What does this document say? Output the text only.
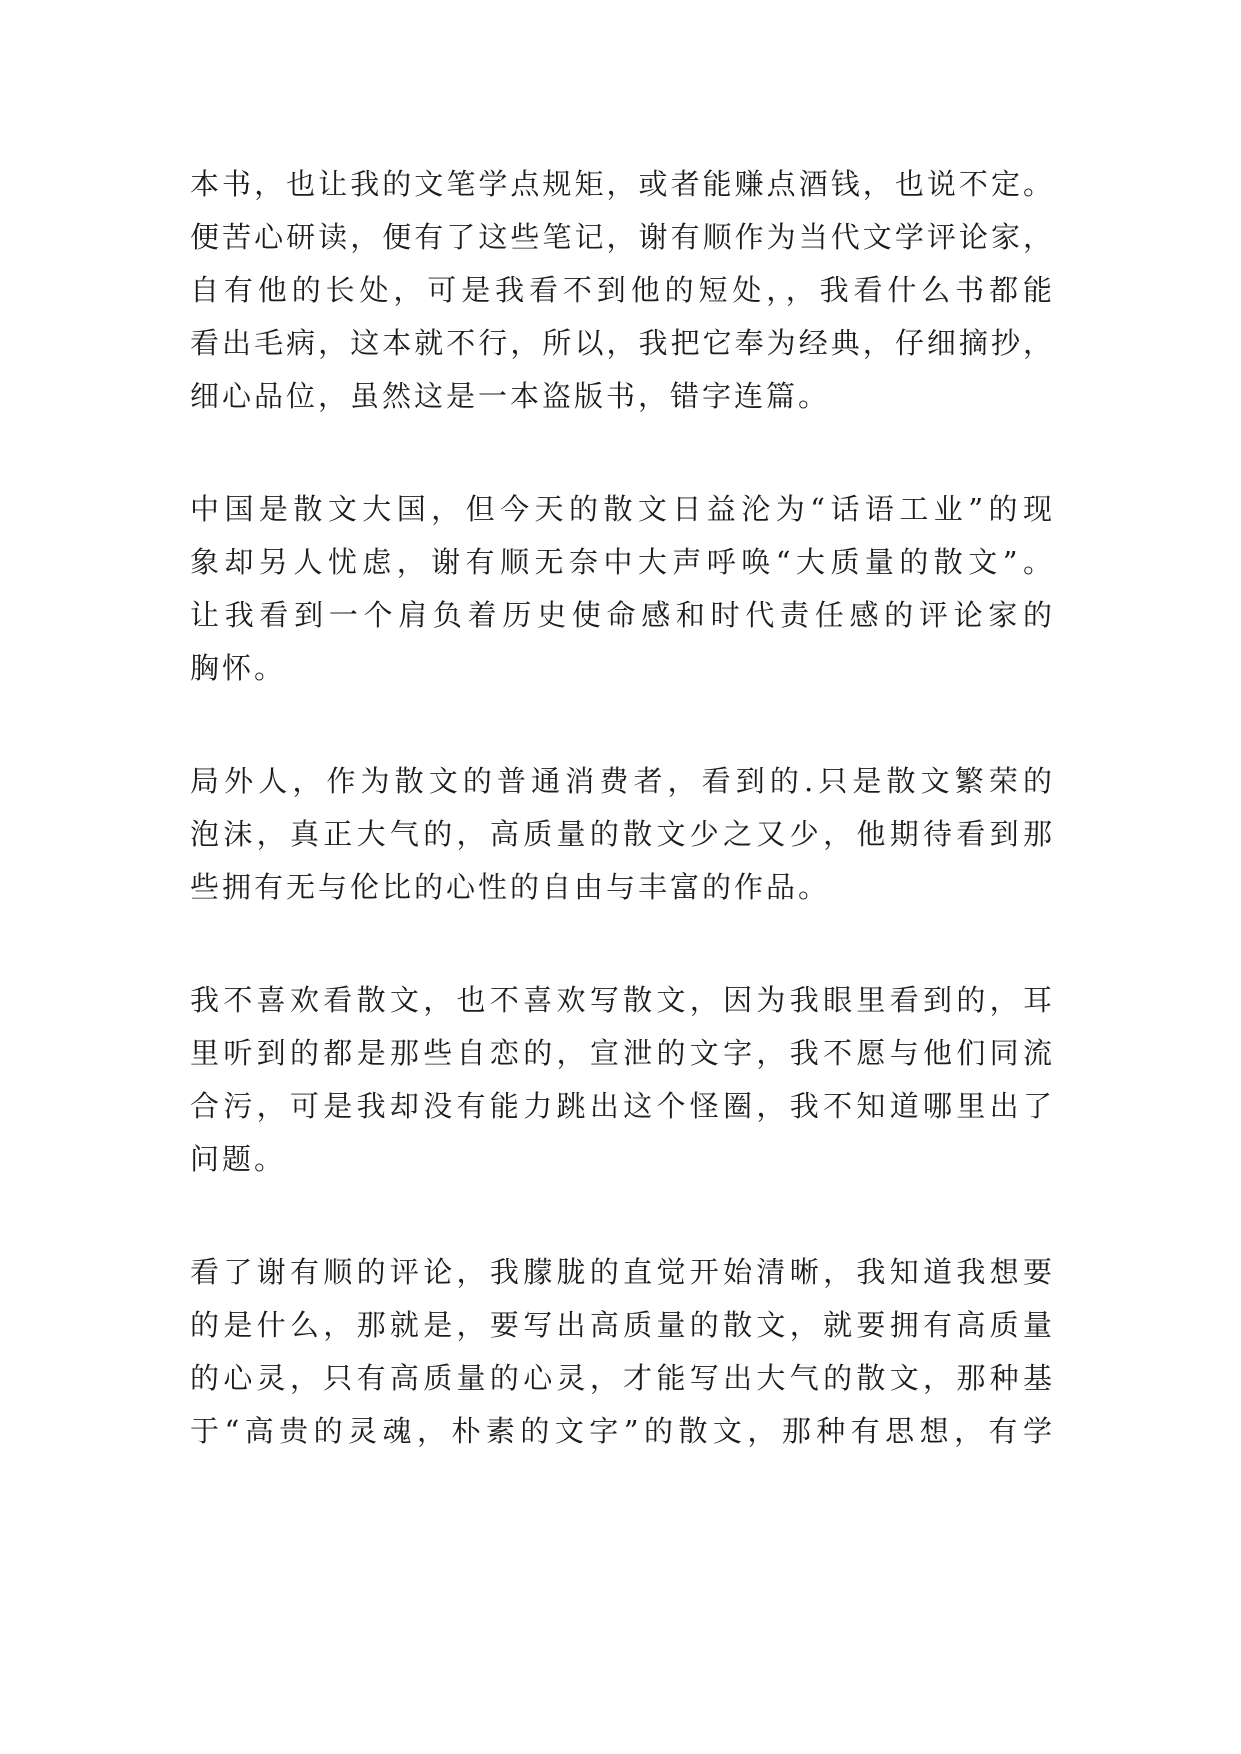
本书，也让我的文笔学点规矩，或者能赚点酒钱，也说不定。
便苦心研读，便有了这些笔记，谢有顺作为当代文学评论家，
自有他的长处，可是我看不到他的短处，，我看什么书都能
看出毛病，这本就不行，所以，我把它奉为经典，仔细摘抄，
细心品位，虽然这是一本盗版书，错字连篇。

中国是散文大国，但今天的散文日益沦为“话语工业”的现
象却另人忧虑，谢有顺无奈中大声呼唤“大质量的散文”。
让我看到一个肩负着历史使命感和时代责任感的评论家的
胸怀。

局外人，作为散文的普通消费者，看到的.只是散文繁荣的
泡沫，真正大气的，高质量的散文少之又少，他期待看到那
些拥有无与伦比的心性的自由与丰富的作品。

我不喜欢看散文，也不喜欢写散文，因为我眼里看到的，耳
里听到的都是那些自恋的，宣泄的文字，我不愿与他们同流
合污，可是我却没有能力跳出这个怪圈，我不知道哪里出了
问题。

看了谢有顺的评论，我朦胧的直觉开始清晰，我知道我想要
的是什么，那就是，要写出高质量的散文，就要拥有高质量
的心灵，只有高质量的心灵，才能写出大气的散文，那种基
于“高贵的灵魂，朴素的文字”的散文，那种有思想，有学
